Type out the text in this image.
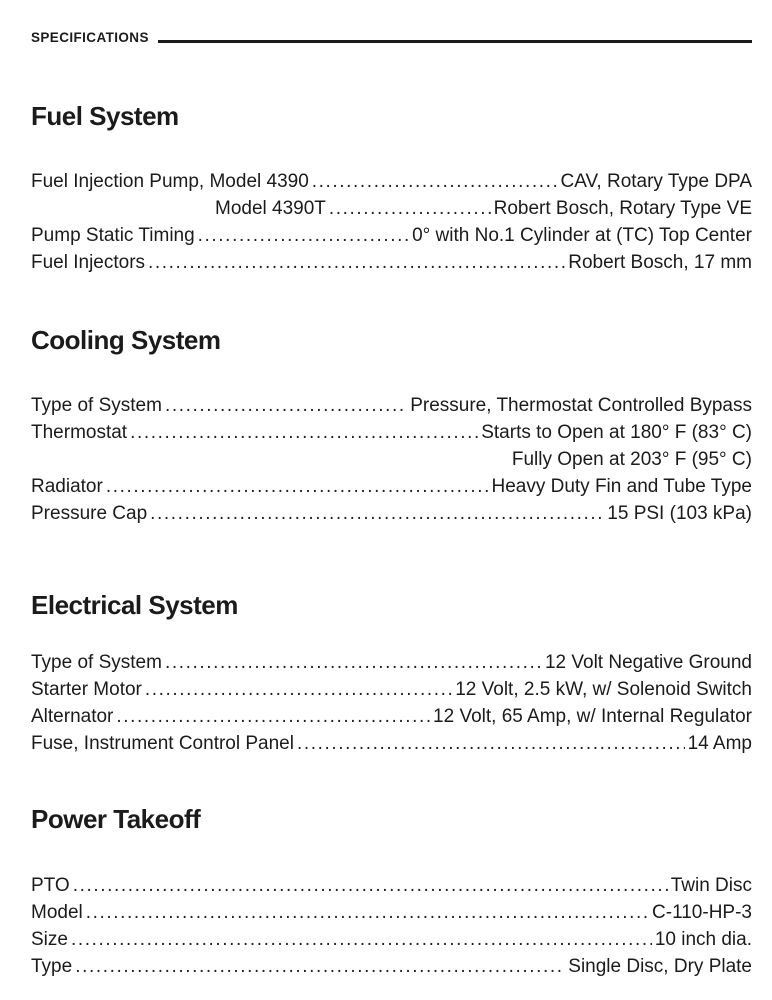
SPECIFICATIONS
Fuel System
Fuel Injection Pump, Model 4390 .....	CAV, Rotary Type DPA
Model 4390T .....	Robert Bosch, Rotary Type VE
Pump Static Timing .....	0° with No.1 Cylinder at (TC) Top Center
Fuel Injectors .....	Robert Bosch, 17 mm
Cooling System
Type of System .....	Pressure, Thermostat Controlled Bypass
Thermostat .....	Starts to Open at 180° F (83° C)
Fully Open at 203° F (95° C)
Radiator .....	Heavy Duty Fin and Tube Type
Pressure Cap .....	15 PSI (103 kPa)
Electrical System
Type of System .....	12 Volt Negative Ground
Starter Motor .....	12 Volt, 2.5 kW, w/ Solenoid Switch
Alternator .....	12 Volt, 65 Amp, w/ Internal Regulator
Fuse, Instrument Control Panel .....	14 Amp
Power Takeoff
PTO .....	Twin Disc
Model .....	C-110-HP-3
Size .....	10 inch dia.
Type .....	Single Disc, Dry Plate
